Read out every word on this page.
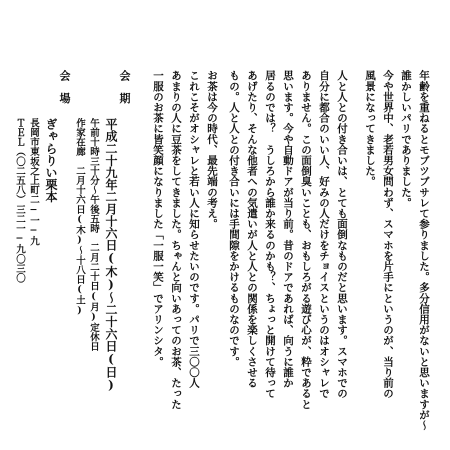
年齢を重ねるとモブツブサレて参りました。多分信用がないと思いますが〜
誰かしいパリでありました。
今や世界中、老若男女問わず、スマホを片手にというのが、当り前の
風景になってきました。
人と人との付き合いは、とても面倒なものだと思います。スマホでの
自分に都合のいい人、好みの人だけをチョイスというのはオシャレで
ありません。この面倒臭いことも、おもしろがる遊び心が、粋であると
思います。今や自動ドアが当り前。昔のドアであれば、向うに誰か
居るのでは？　うしろから誰か来るのかも？、ちょっと開けて待って
あげたり、そんな他者への気遣いが人と人との関係を楽しくさせる
もの。人と人との付き合いには手間隙をかけるものなのです。
お茶は今の時代、最先端の考え。
これこそがオシャレと若い人に知らせたいのです。パリで三〇〇人
あまりの人に豆茶をしてきました。ちゃんと向いあってのお茶、たった
一服のお茶に皆笑顔になりました「一服一笑」でアリンシタ。
会　期
平成二十九年二月十六日(木)〜二十六日(日)
午前十時三十分〜午後五時　二月二十日(月)定休日
作家在廊　二月十六日(木)〜十八日(土)
会　場
ぎゃらりい栗本
長岡市東坂之上町二−一−九
ＴＥＬ（〇二五八）三二一−九〇三〇
